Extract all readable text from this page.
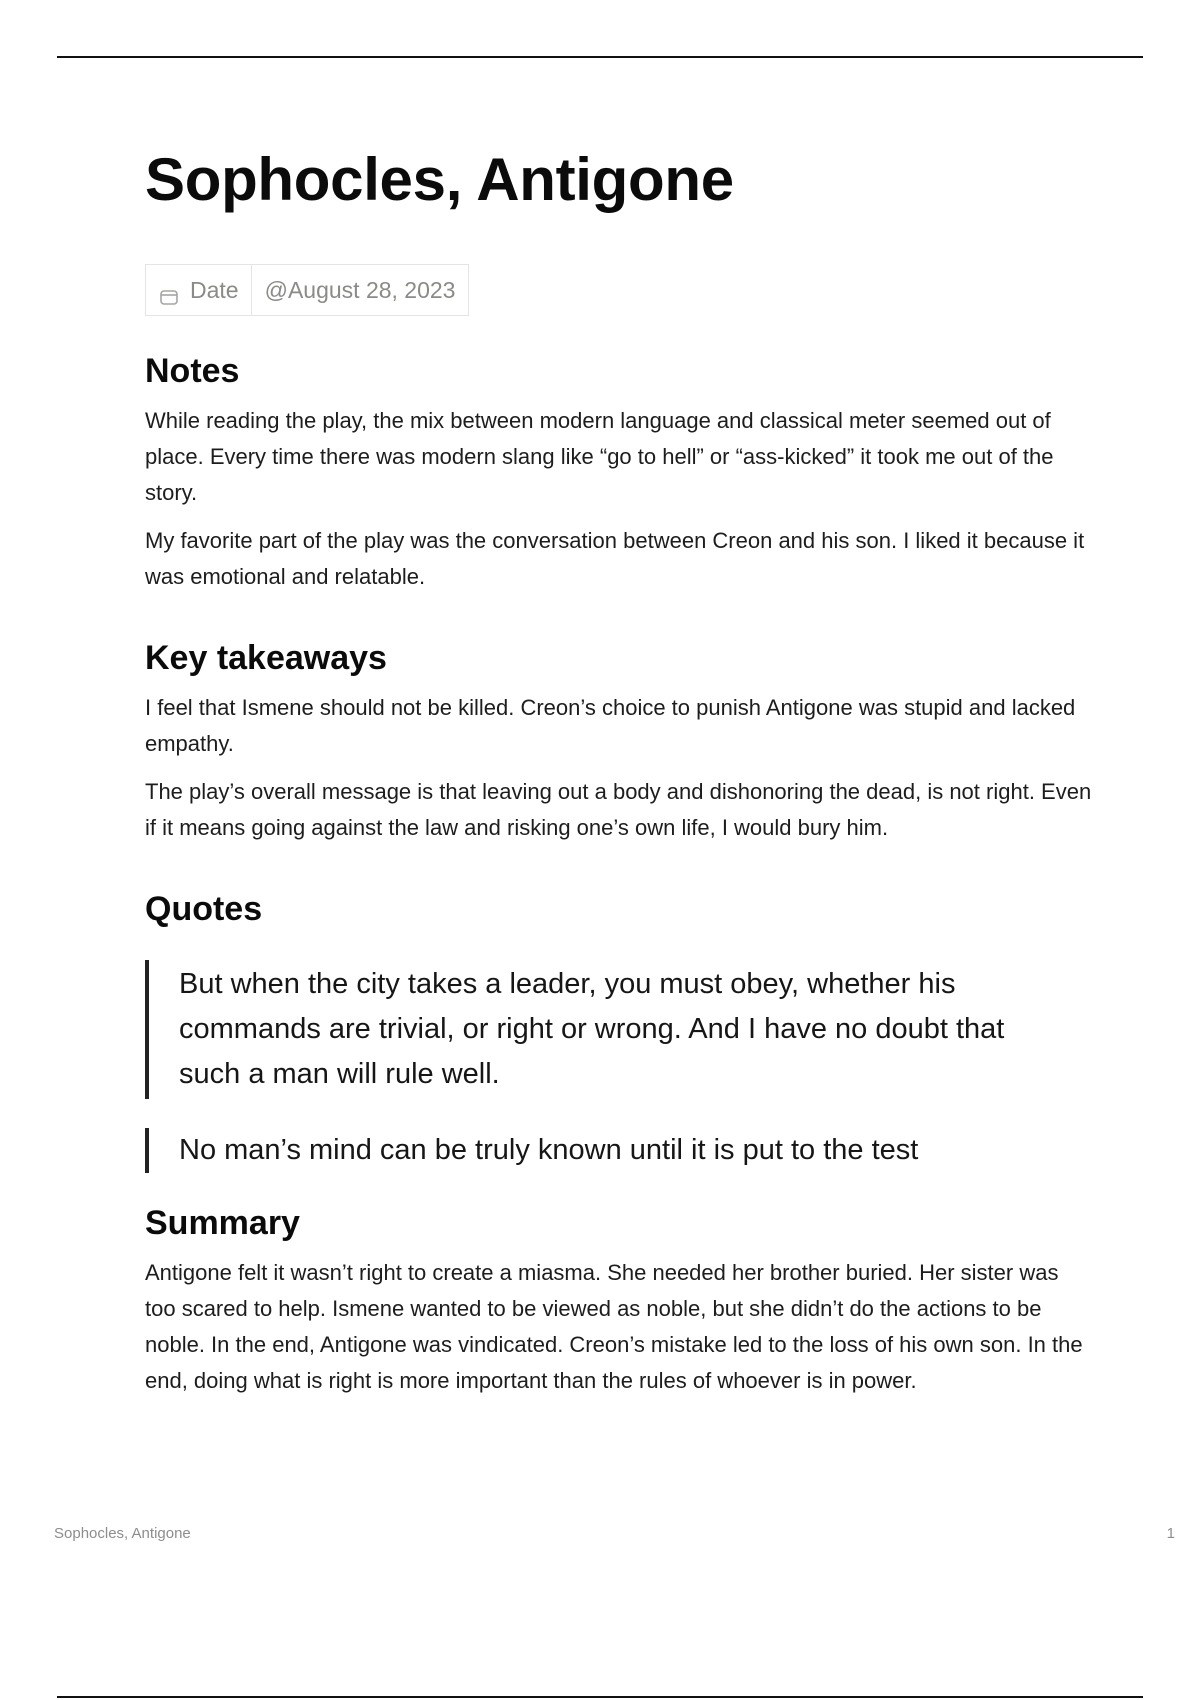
Sophocles, Antigone
Date	@August 28, 2023
Notes

While reading the play, the mix between modern language and classical meter seemed out of place. Every time there was modern slang like “go to hell” or “ass-kicked” it took me out of the story.

My favorite part of the play was the conversation between Creon and his son. I liked it because it was emotional and relatable.

Key takeaways

I feel that Ismene should not be killed. Creon’s choice to punish Antigone was stupid and lacked empathy.

The play’s overall message is that leaving out a body and dishonoring the dead, is not right. Even if it means going against the law and risking one’s own life, I would bury him.

Quotes
But when the city takes a leader, you must obey, whether his commands are trivial, or right or wrong. And I have no doubt that such a man will rule well.
No man’s mind can be truly known until it is put to the test
Summary

Antigone felt it wasn’t right to create a miasma. She needed her brother buried. Her sister was too scared to help. Ismene wanted to be viewed as noble, but she didn’t do the actions to be noble. In the end, Antigone was vindicated. Creon’s mistake led to the loss of his own son. In the end, doing what is right is more important than the rules of whoever is in power.

Sophocles, Antigone	1
